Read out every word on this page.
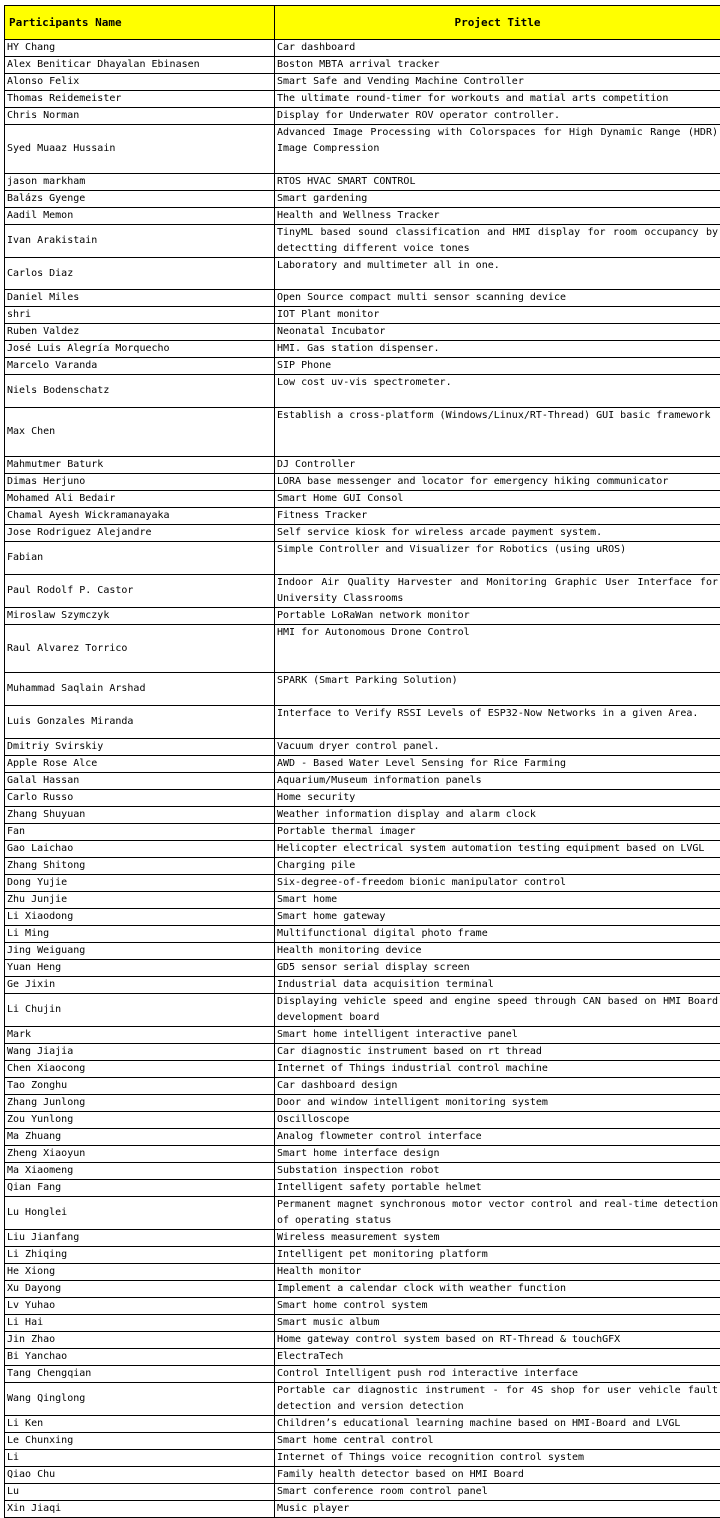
Participants Name	Project Title
HY Chang	Car dashboard
Alex Beniticar Dhayalan Ebinasen	Boston MBTA arrival tracker
Alonso Felix	Smart Safe and Vending Machine Controller
Thomas Reidemeister	The ultimate round-timer for workouts and matial arts competition
Chris Norman	Display for Underwater ROV operator controller.
Syed Muaaz Hussain	Advanced Image Processing with Colorspaces for High Dynamic Range (HDR) Image Compression
jason markham	RTOS HVAC SMART CONTROL
Balázs Gyenge	Smart gardening
Aadil Memon	Health and Wellness Tracker
Ivan Arakistain	TinyML based sound classification and HMI display for room occupancy by detectting different voice tones
Carlos Diaz	Laboratory and multimeter all in one.
Daniel Miles	Open Source compact multi sensor scanning device
shri	IOT Plant monitor
Ruben Valdez	Neonatal Incubator
José Luis Alegría Morquecho	HMI. Gas station dispenser.
Marcelo Varanda	SIP Phone
Niels Bodenschatz	Low cost uv-vis spectrometer.
Max Chen	Establish a cross-platform (Windows/Linux/RT-Thread) GUI basic framework
Mahmutmer Baturk	DJ Controller
Dimas Herjuno	LORA base messenger and locator for emergency hiking communicator
Mohamed Ali Bedair	Smart Home GUI Consol
Chamal Ayesh Wickramanayaka	Fitness Tracker
Jose Rodriguez Alejandre	Self service kiosk for wireless arcade payment system.
Fabian	Simple Controller and Visualizer for Robotics (using uROS)
Paul Rodolf P. Castor	Indoor Air Quality Harvester and Monitoring Graphic User Interface for University Classrooms
Miroslaw Szymczyk	Portable LoRaWan network monitor
Raul Alvarez Torrico	HMI for Autonomous Drone Control
Muhammad Saqlain Arshad	SPARK (Smart Parking Solution)
Luis Gonzales Miranda	Interface to Verify RSSI Levels of ESP32-Now Networks in a given Area.
Dmitriy Svirskiy	Vacuum dryer control panel.
Apple Rose Alce	AWD - Based Water Level Sensing for Rice Farming
Galal Hassan	Aquarium/Museum information panels
Carlo Russo	Home security
Zhang Shuyuan	Weather information display and alarm clock
Fan	Portable thermal imager
Gao Laichao	Helicopter electrical system automation testing equipment based on LVGL
Zhang Shitong	Charging pile
Dong Yujie	Six-degree-of-freedom bionic manipulator control
Zhu Junjie	Smart home
Li Xiaodong	Smart home gateway
Li Ming	Multifunctional digital photo frame
Jing Weiguang	Health monitoring device
Yuan Heng	GD5 sensor serial display screen
Ge Jixin	Industrial data acquisition terminal
Li Chujin	Displaying vehicle speed and engine speed through CAN based on HMI Board development board
Mark	Smart home intelligent interactive panel
Wang Jiajia	Car diagnostic instrument based on rt thread
Chen Xiaocong	Internet of Things industrial control machine
Tao Zonghu	Car dashboard design
Zhang Junlong	Door and window intelligent monitoring system
Zou Yunlong	Oscilloscope
Ma Zhuang	Analog flowmeter control interface
Zheng Xiaoyun	Smart home interface design
Ma Xiaomeng	Substation inspection robot
Qian Fang	Intelligent safety portable helmet
Lu Honglei	Permanent magnet synchronous motor vector control and real-time detection of operating status
Liu Jianfang	Wireless measurement system
Li Zhiqing	Intelligent pet monitoring platform
He Xiong	Health monitor
Xu Dayong	Implement a calendar clock with weather function
Lv Yuhao	Smart home control system
Li Hai	Smart music album
Jin Zhao	Home gateway control system based on RT-Thread & touchGFX
Bi Yanchao	ElectraTech
Tang Chengqian	Control Intelligent push rod interactive interface
Wang Qinglong	Portable car diagnostic instrument - for 4S shop for user vehicle fault detection and version detection
Li Ken	Children’s educational learning machine based on HMI-Board and LVGL
Le Chunxing	Smart home central control
Li	Internet of Things voice recognition control system
Qiao Chu	Family health detector based on HMI Board
Lu	Smart conference room control panel
Xin Jiaqi	Music player
